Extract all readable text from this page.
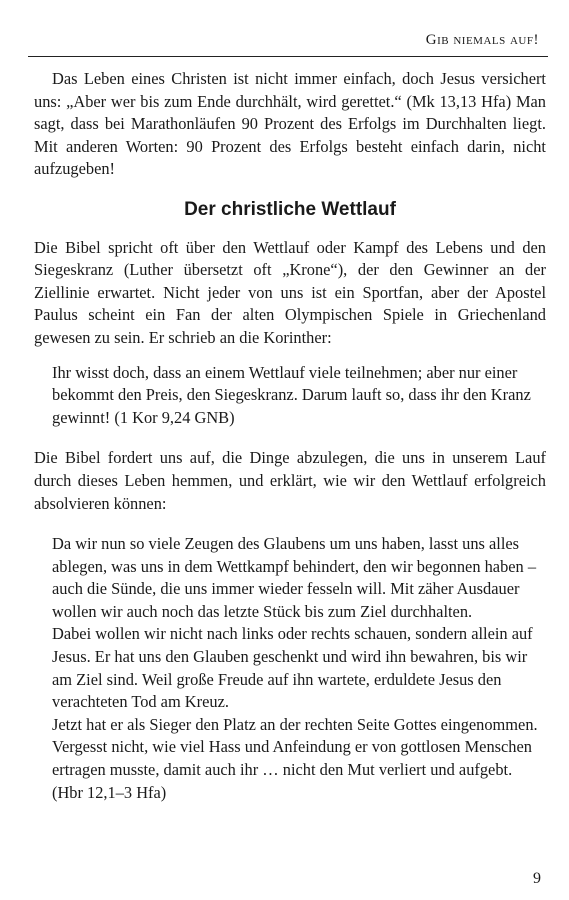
Gib niemals auf!

Das Leben eines Christen ist nicht immer einfach, doch Jesus versichert uns: „Aber wer bis zum Ende durchhält, wird gerettet.“ (Mk 13,13 Hfa) Man sagt, dass bei Marathonläufen 90 Prozent des Erfolgs im Durchhalten liegt. Mit anderen Worten: 90 Prozent des Erfolgs besteht einfach darin, nicht aufzugeben!

Der christliche Wettlauf

Die Bibel spricht oft über den Wettlauf oder Kampf des Lebens und den Siegeskranz (Luther übersetzt oft „Krone“), der den Gewinner an der Ziellinie erwartet. Nicht jeder von uns ist ein Sportfan, aber der Apostel Paulus scheint ein Fan der alten Olympischen Spiele in Griechenland gewesen zu sein. Er schrieb an die Korinther:

Ihr wisst doch, dass an einem Wettlauf viele teilnehmen; aber nur einer bekommt den Preis, den Siegeskranz. Darum lauft so, dass ihr den Kranz gewinnt! (1 Kor 9,24 GNB)

Die Bibel fordert uns auf, die Dinge abzulegen, die uns in unserem Lauf durch dieses Leben hemmen, und erklärt, wie wir den Wettlauf erfolgreich absolvieren können:

Da wir nun so viele Zeugen des Glaubens um uns haben, lasst uns alles ablegen, was uns in dem Wettkampf behindert, den wir begonnen haben – auch die Sünde, die uns immer wieder fesseln will. Mit zäher Ausdauer wollen wir auch noch das letzte Stück bis zum Ziel durchhalten.

Dabei wollen wir nicht nach links oder rechts schauen, sondern allein auf Jesus. Er hat uns den Glauben geschenkt und wird ihn bewahren, bis wir am Ziel sind. Weil große Freude auf ihn wartete, erduldete Jesus den verachteten Tod am Kreuz.

Jetzt hat er als Sieger den Platz an der rechten Seite Gottes eingenommen. Vergesst nicht, wie viel Hass und Anfeindung er von gottlosen Menschen ertragen musste, damit auch ihr … nicht den Mut verliert und aufgebt. (Hbr 12,1–3 Hfa)

9
